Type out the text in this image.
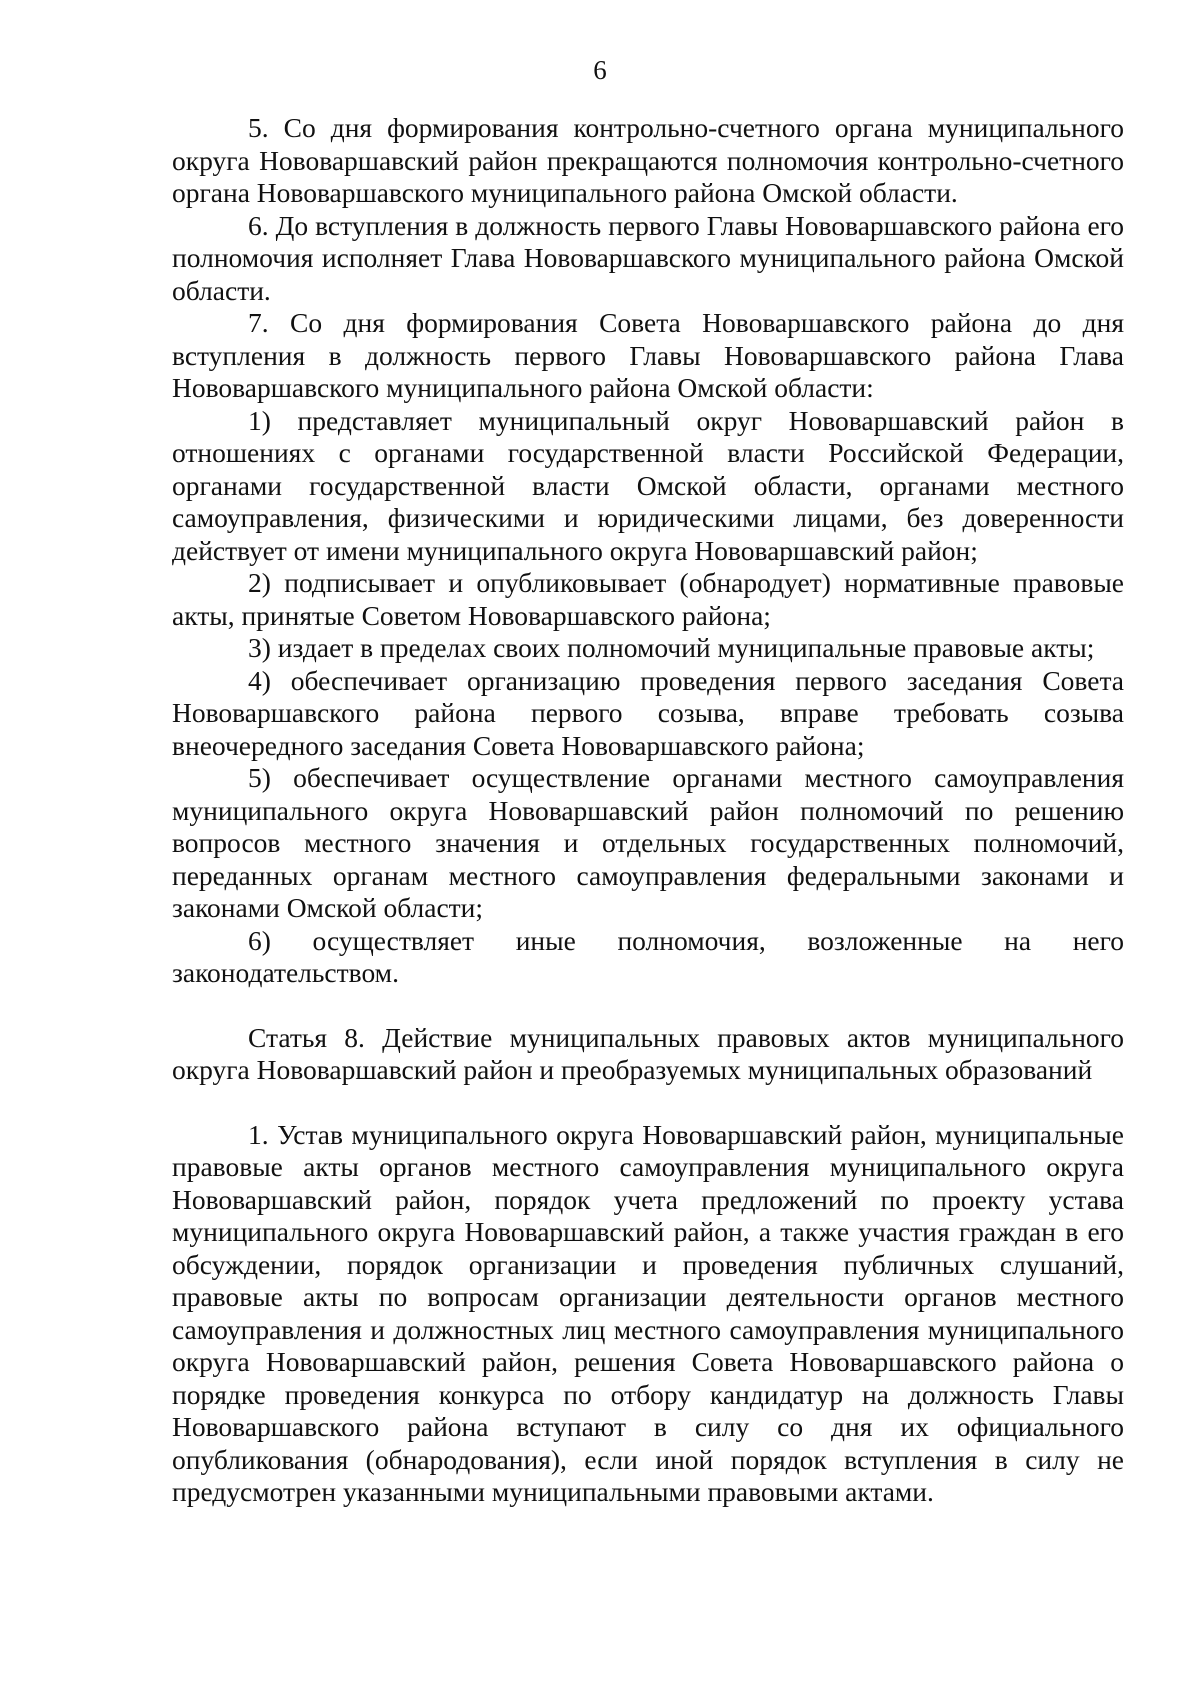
6

5. Со дня формирования контрольно-счетного органа муниципального округа Нововаршавский район прекращаются полномочия контрольно-счетного органа Нововаршавского муниципального района Омской области.

6. До вступления в должность первого Главы Нововаршавского района его полномочия исполняет Глава Нововаршавского муниципального района Омской области.

7. Со дня формирования Совета Нововаршавского района до дня вступления в должность первого Главы Нововаршавского района Глава Нововаршавского муниципального района Омской области:

1) представляет муниципальный округ Нововаршавский район в отношениях с органами государственной власти Российской Федерации, органами государственной власти Омской области, органами местного самоуправления, физическими и юридическими лицами, без доверенности действует от имени муниципального округа Нововаршавский район;

2) подписывает и опубликовывает (обнародует) нормативные правовые акты, принятые Советом Нововаршавского района;

3) издает в пределах своих полномочий муниципальные правовые акты;

4) обеспечивает организацию проведения первого заседания Совета Нововаршавского района первого созыва, вправе требовать созыва внеочередного заседания Совета Нововаршавского района;

5) обеспечивает осуществление органами местного самоуправления муниципального округа Нововаршавский район полномочий по решению вопросов местного значения и отдельных государственных полномочий, переданных органам местного самоуправления федеральными законами и законами Омской области;

6) осуществляет иные полномочия, возложенные на него законодательством.

Статья 8. Действие муниципальных правовых актов муниципального округа Нововаршавский район и преобразуемых муниципальных образований

1. Устав муниципального округа Нововаршавский район, муниципальные правовые акты органов местного самоуправления муниципального округа Нововаршавский район, порядок учета предложений по проекту устава муниципального округа Нововаршавский район, а также участия граждан в его обсуждении, порядок организации и проведения публичных слушаний, правовые акты по вопросам организации деятельности органов местного самоуправления и должностных лиц местного самоуправления муниципального округа Нововаршавский район, решения Совета Нововаршавского района о порядке проведения конкурса по отбору кандидатур на должность Главы Нововаршавского района вступают в силу со дня их официального опубликования (обнародования), если иной порядок вступления в силу не предусмотрен указанными муниципальными правовыми актами.
